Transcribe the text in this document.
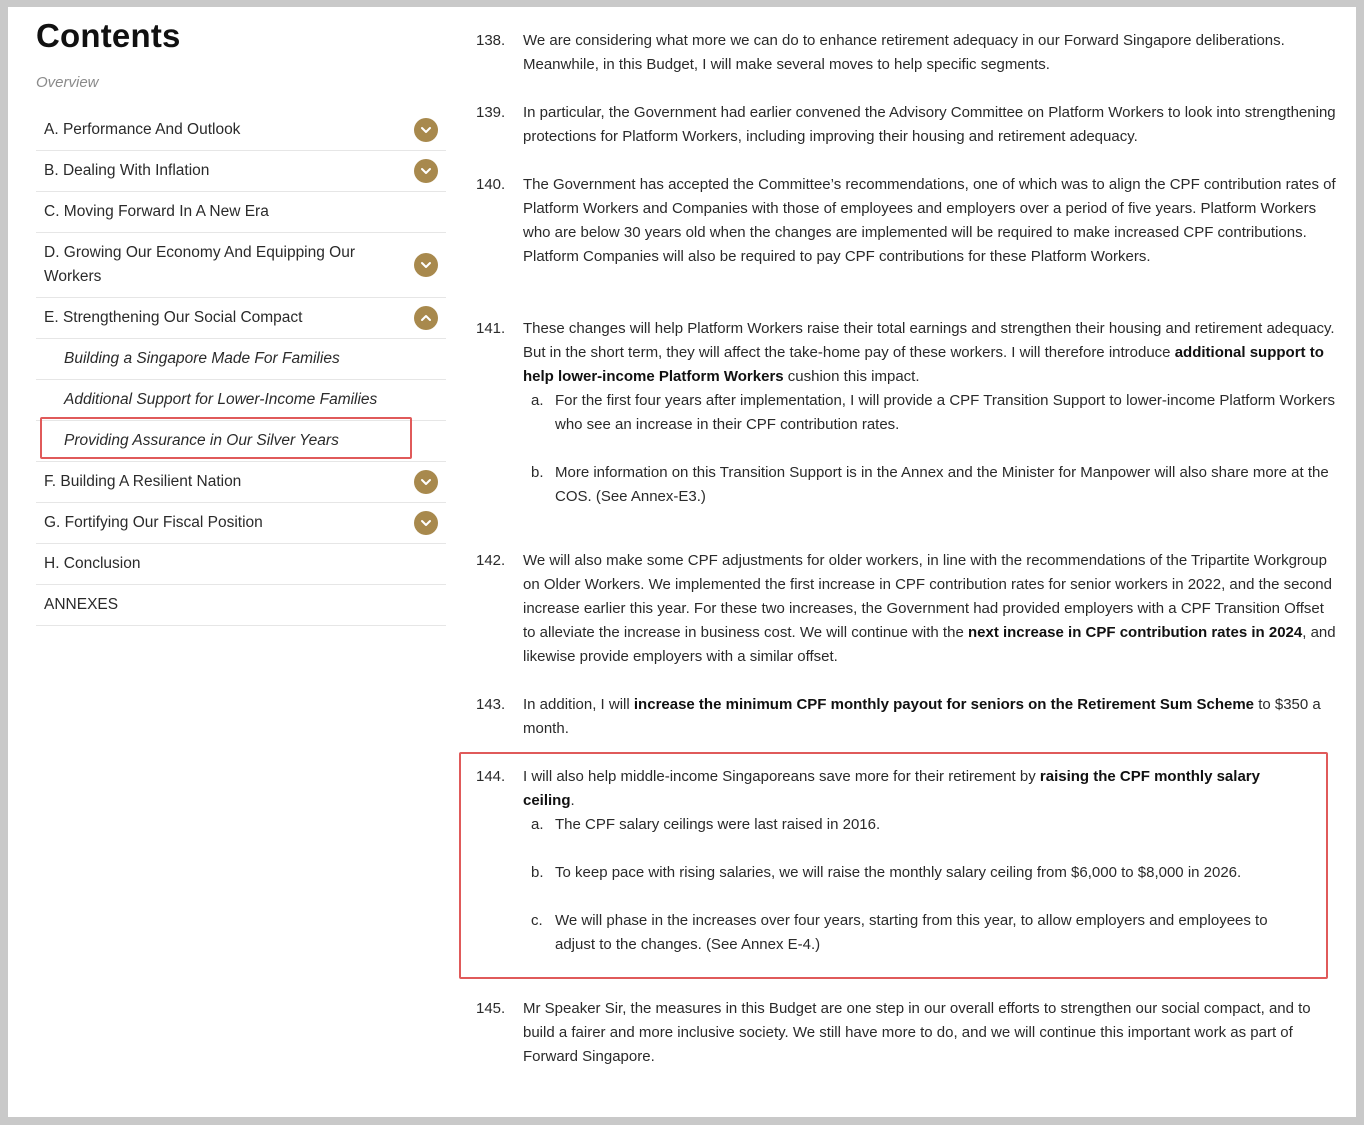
Contents
Overview
A. Performance And Outlook
B. Dealing With Inflation
C. Moving Forward In A New Era
D. Growing Our Economy And Equipping Our Workers
E. Strengthening Our Social Compact
Building a Singapore Made For Families
Additional Support for Lower-Income Families
Providing Assurance in Our Silver Years
F. Building A Resilient Nation
G. Fortifying Our Fiscal Position
H. Conclusion
ANNEXES
138. We are considering what more we can do to enhance retirement adequacy in our Forward Singapore deliberations. Meanwhile, in this Budget, I will make several moves to help specific segments.
139. In particular, the Government had earlier convened the Advisory Committee on Platform Workers to look into strengthening protections for Platform Workers, including improving their housing and retirement adequacy.
140. The Government has accepted the Committee’s recommendations, one of which was to align the CPF contribution rates of Platform Workers and Companies with those of employees and employers over a period of five years. Platform Workers who are below 30 years old when the changes are implemented will be required to make increased CPF contributions. Platform Companies will also be required to pay CPF contributions for these Platform Workers.
141. These changes will help Platform Workers raise their total earnings and strengthen their housing and retirement adequacy. But in the short term, they will affect the take-home pay of these workers. I will therefore introduce additional support to help lower-income Platform Workers cushion this impact.
a. For the first four years after implementation, I will provide a CPF Transition Support to lower-income Platform Workers who see an increase in their CPF contribution rates.
b. More information on this Transition Support is in the Annex and the Minister for Manpower will also share more at the COS. (See Annex-E3.)
142. We will also make some CPF adjustments for older workers, in line with the recommendations of the Tripartite Workgroup on Older Workers. We implemented the first increase in CPF contribution rates for senior workers in 2022, and the second increase earlier this year. For these two increases, the Government had provided employers with a CPF Transition Offset to alleviate the increase in business cost. We will continue with the next increase in CPF contribution rates in 2024, and likewise provide employers with a similar offset.
143. In addition, I will increase the minimum CPF monthly payout for seniors on the Retirement Sum Scheme to $350 a month.
144. I will also help middle-income Singaporeans save more for their retirement by raising the CPF monthly salary ceiling.
a. The CPF salary ceilings were last raised in 2016.
b. To keep pace with rising salaries, we will raise the monthly salary ceiling from $6,000 to $8,000 in 2026.
c. We will phase in the increases over four years, starting from this year, to allow employers and employees to adjust to the changes. (See Annex E-4.)
145. Mr Speaker Sir, the measures in this Budget are one step in our overall efforts to strengthen our social compact, and to build a fairer and more inclusive society. We still have more to do, and we will continue this important work as part of Forward Singapore.
